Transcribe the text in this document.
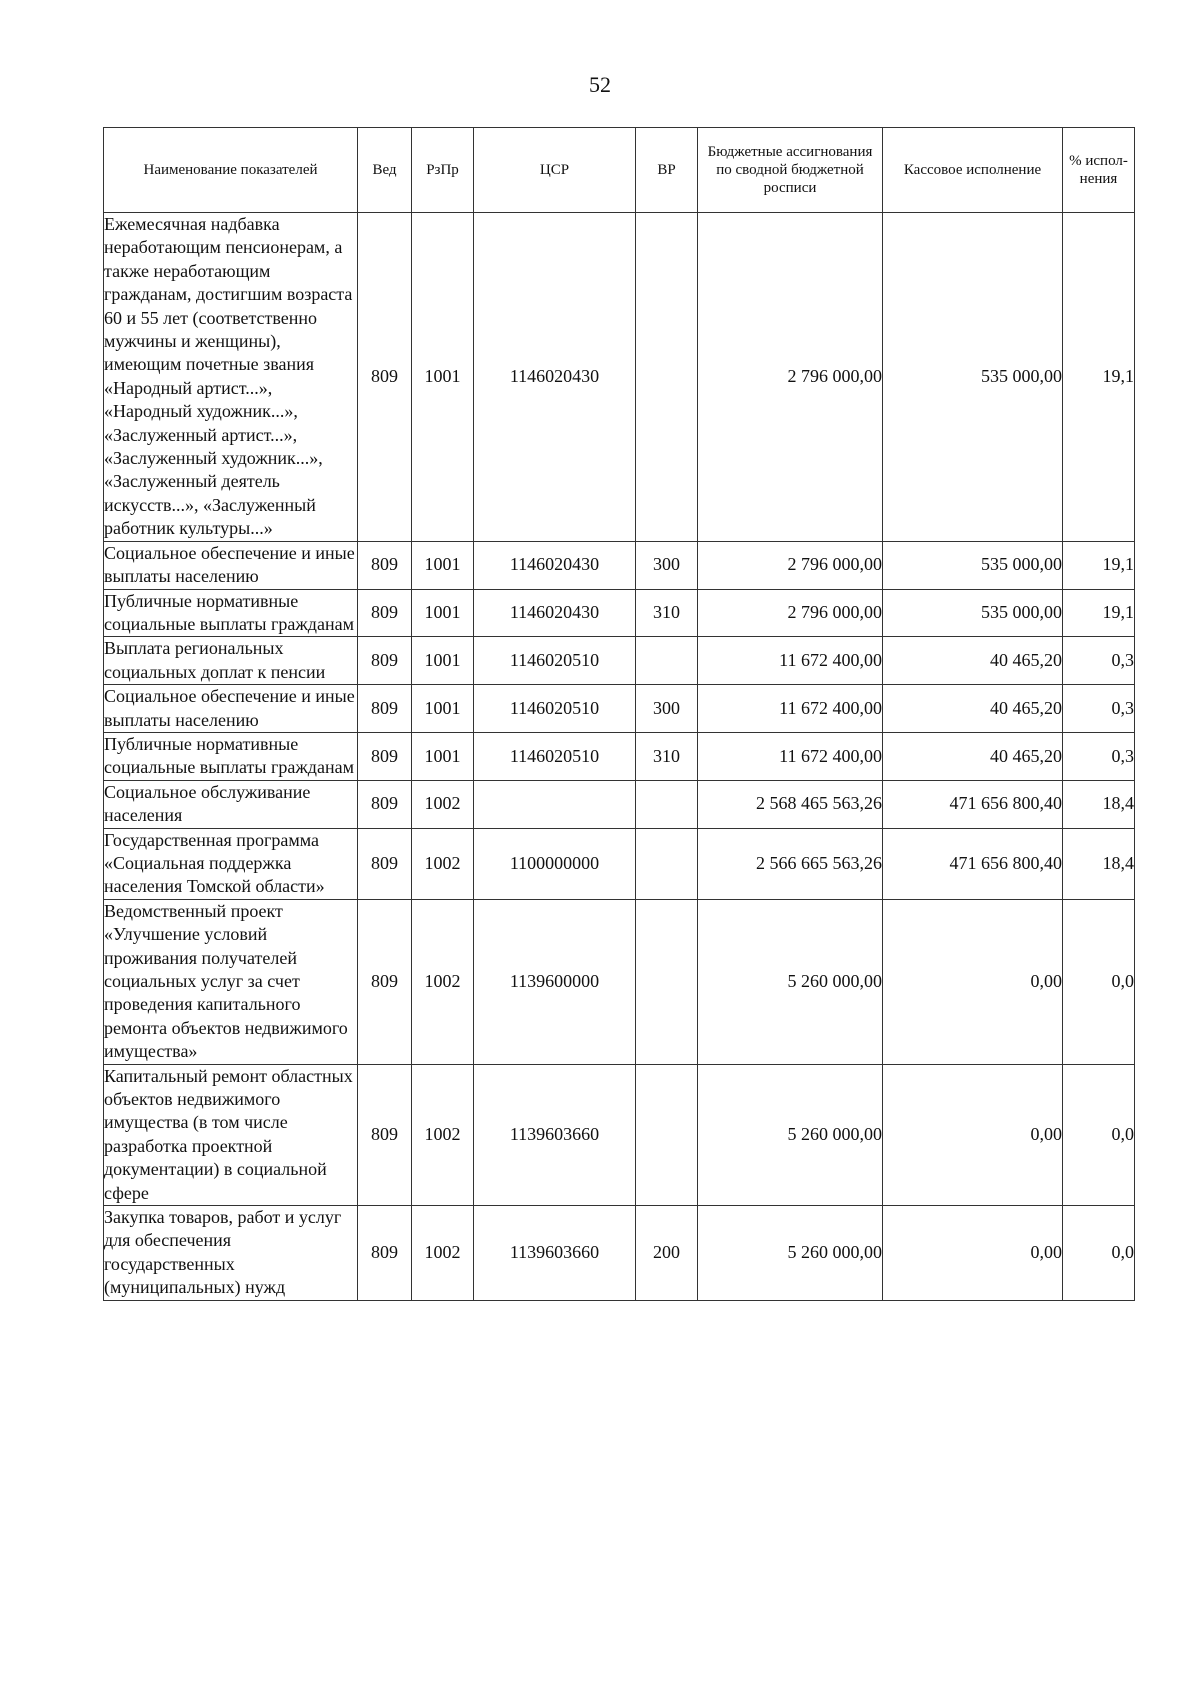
52
Наименование показателей	Вед	РзПр	ЦСР	ВР	Бюджетные ассигнования по сводной бюджетной росписи	Кассовое исполнение	% испол-нения
Ежемесячная надбавка неработающим пенсионерам, а также неработающим гражданам, достигшим возраста 60 и 55 лет (соответственно мужчины и женщины), имеющим почетные звания «Народный артист...», «Народный художник...», «Заслуженный артист...», «Заслуженный художник...», «Заслуженный деятель искусств...», «Заслуженный работник культуры...»	809	1001	1146020430		2 796 000,00	535 000,00	19,1
Социальное обеспечение и иные выплаты населению	809	1001	1146020430	300	2 796 000,00	535 000,00	19,1
Публичные нормативные социальные выплаты гражданам	809	1001	1146020430	310	2 796 000,00	535 000,00	19,1
Выплата региональных социальных доплат к пенсии	809	1001	1146020510		11 672 400,00	40 465,20	0,3
Социальное обеспечение и иные выплаты населению	809	1001	1146020510	300	11 672 400,00	40 465,20	0,3
Публичные нормативные социальные выплаты гражданам	809	1001	1146020510	310	11 672 400,00	40 465,20	0,3
Социальное обслуживание населения	809	1002			2 568 465 563,26	471 656 800,40	18,4
Государственная программа «Социальная поддержка населения Томской области»	809	1002	1100000000		2 566 665 563,26	471 656 800,40	18,4
Ведомственный проект «Улучшение условий проживания получателей социальных услуг за счет проведения капитального ремонта объектов недвижимого имущества»	809	1002	1139600000		5 260 000,00	0,00	0,0
Капитальный ремонт областных объектов недвижимого имущества (в том числе разработка проектной документации) в социальной сфере	809	1002	1139603660		5 260 000,00	0,00	0,0
Закупка товаров, работ и услуг для обеспечения государственных (муниципальных) нужд	809	1002	1139603660	200	5 260 000,00	0,00	0,0
